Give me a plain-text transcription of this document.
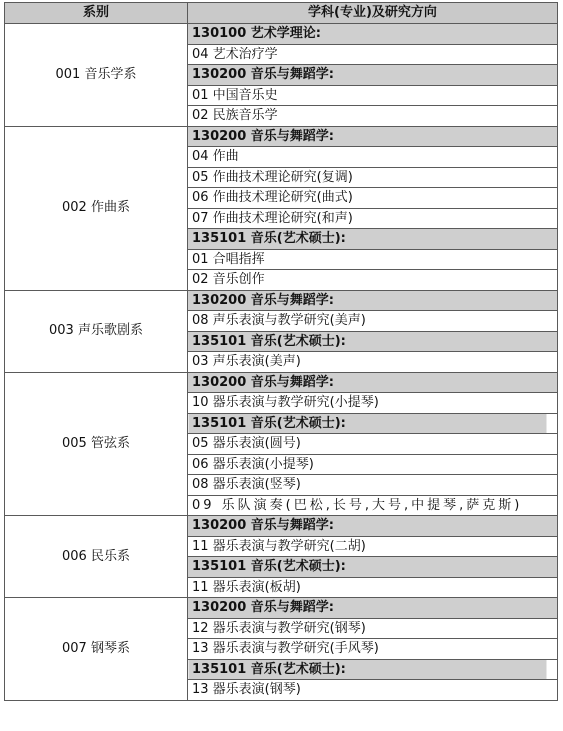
系别	学科(专业)及研究方向
001 音乐学系	130100 艺术学理论:
	04 艺术治疗学
	130200 音乐与舞蹈学:
	01 中国音乐史
	02 民族音乐学
002 作曲系	130200 音乐与舞蹈学:
	04 作曲
	05 作曲技术理论研究(复调)
	06 作曲技术理论研究(曲式)
	07 作曲技术理论研究(和声)
	135101 音乐(艺术硕士):
	01 合唱指挥
	02 音乐创作
003 声乐歌剧系	130200 音乐与舞蹈学:
	08 声乐表演与教学研究(美声)
	135101 音乐(艺术硕士):
	03 声乐表演(美声)
005 管弦系	130200 音乐与舞蹈学:
	10 器乐表演与教学研究(小提琴)
	135101 音乐(艺术硕士):
	05 器乐表演(圆号)
	06 器乐表演(小提琴)
	08 器乐表演(竖琴)
	09 乐队演奏(巴松,长号,大号,中提琴,萨克斯)
006 民乐系	130200 音乐与舞蹈学:
	11 器乐表演与教学研究(二胡)
	135101 音乐(艺术硕士):
	11 器乐表演(板胡)
007 钢琴系	130200 音乐与舞蹈学:
	12 器乐表演与教学研究(钢琴)
	13 器乐表演与教学研究(手风琴)
	135101 音乐(艺术硕士):
	13 器乐表演(钢琴)
